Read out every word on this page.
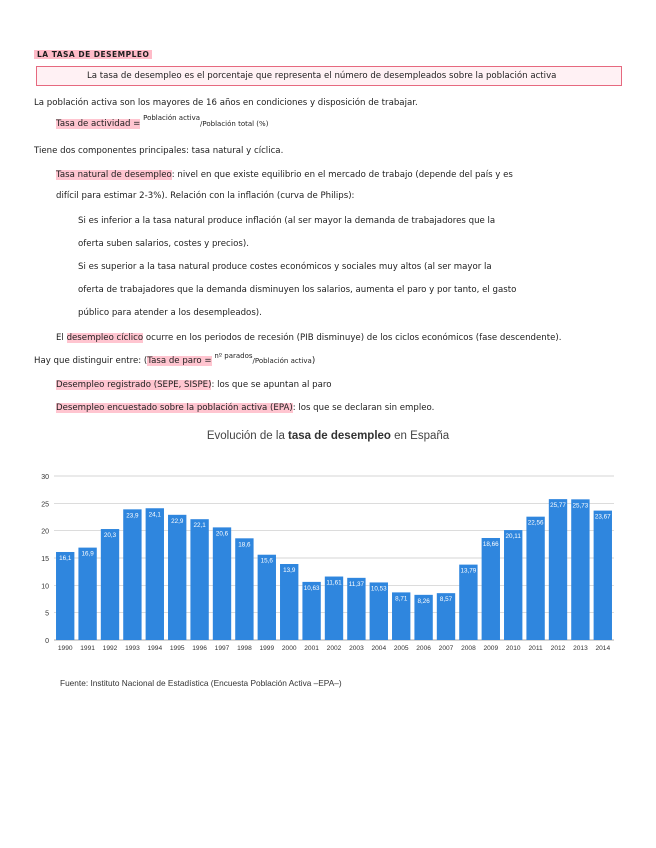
LA TASA DE DESEMPLEO
La tasa de desempleo es el porcentaje que representa el número de desempleados sobre la población activa
La población activa son los mayores de 16 años en condiciones y disposición de trabajar.
Tasa de actividad = Población activa/Población total (%)
Tiene dos componentes principales: tasa natural y cíclica.
Tasa natural de desempleo: nivel en que existe equilibrio en el mercado de trabajo (depende del país y es
difícil para estimar 2-3%). Relación con la inflación (curva de Philips):
Si es inferior a la tasa natural produce inflación (al ser mayor la demanda de trabajadores que la
oferta suben salarios, costes y precios).
Si es superior a la tasa natural produce costes económicos y sociales muy altos (al ser mayor la
oferta de trabajadores que la demanda disminuyen los salarios, aumenta el paro y por tanto, el gasto
público para atender a los desempleados).
El desempleo cíclico ocurre en los periodos de recesión (PIB disminuye) de los ciclos económicos (fase descendente).
Hay que distinguir entre: (Tasa de paro = nº parados/Población activa)
Desempleo registrado (SEPE, SISPE): los que se apuntan al paro
Desempleo encuestado sobre la población activa (EPA): los que se declaran sin empleo.
Evolución de la tasa de desempleo en España
0
5
10
15
20
25
30
16,1
1990
16,9
1991
20,3
1992
23,9
1993
24,1
1994
22,9
1995
22,1
1996
20,6
1997
18,6
1998
15,6
1999
13,9
2000
10,63
2001
11,61
2002
11,37
2003
10,53
2004
8,71
2005
8,26
2006
8,57
2007
13,79
2008
18,66
2009
20,11
2010
22,56
2011
25,77
2012
25,73
2013
23,67
2014
Fuente: Instituto Nacional de Estadística (Encuesta Población Activa –EPA–)
